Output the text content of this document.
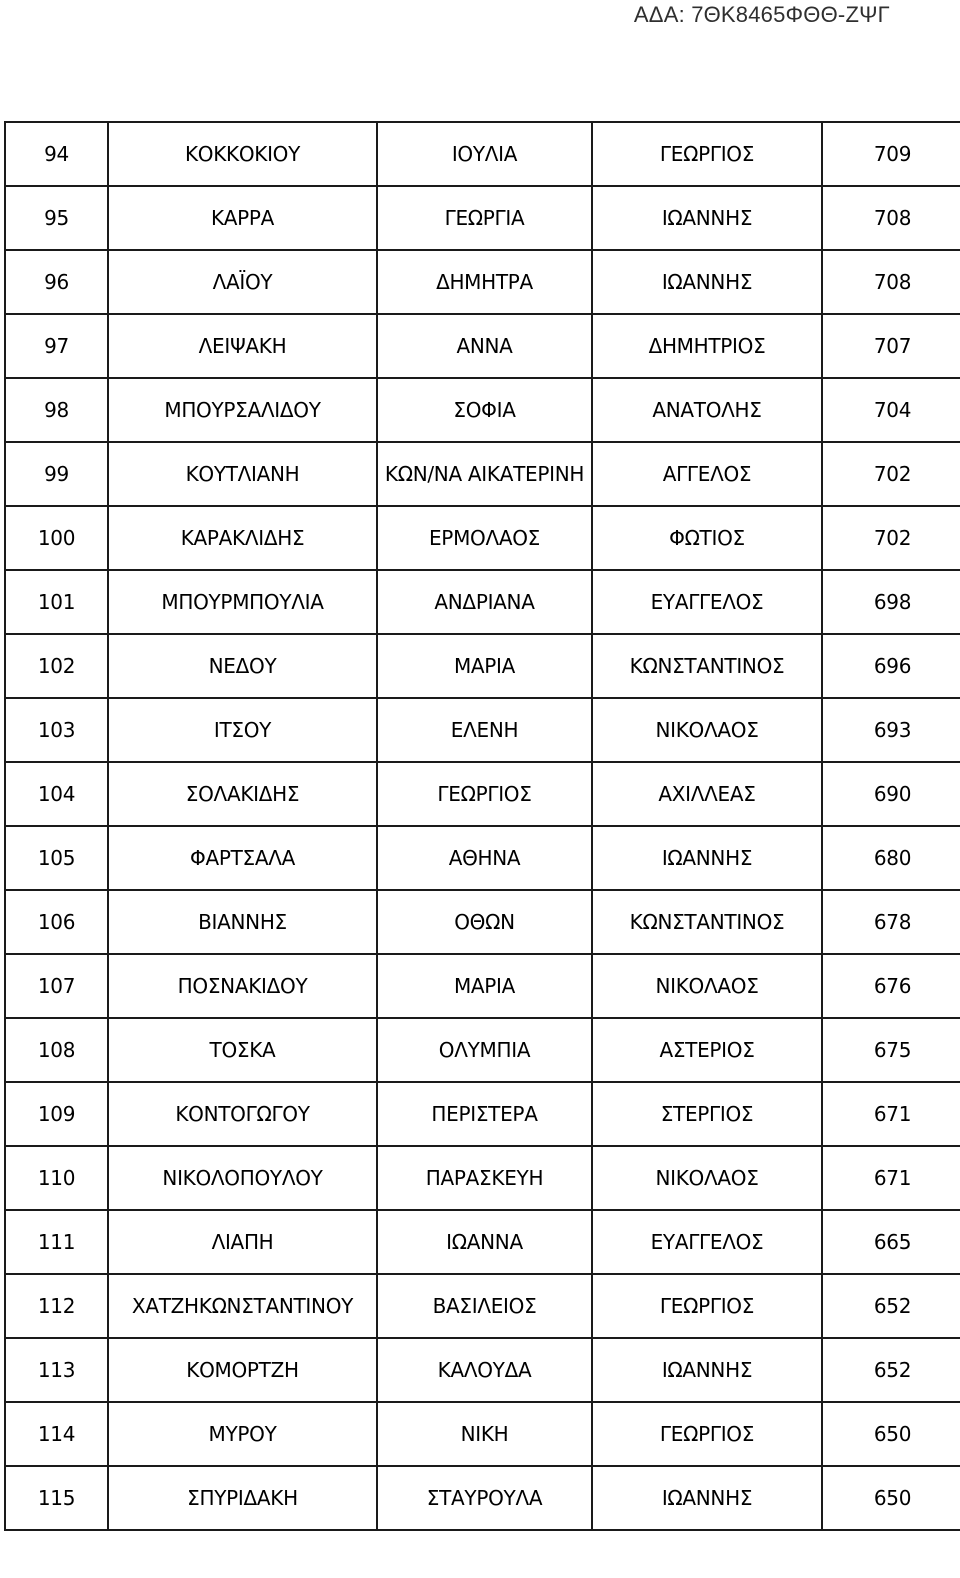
ΑΔΑ: 7ΘΚ8465ΦΘΘ-ΖΨΓ
94	ΚΟΚΚΟΚΙΟΥ	ΙΟΥΛΙΑ	ΓΕΩΡΓΙΟΣ	709
95	ΚΑΡΡΑ	ΓΕΩΡΓΙΑ	ΙΩΑΝΝΗΣ	708
96	ΛΑΪΟΥ	ΔΗΜΗΤΡΑ	ΙΩΑΝΝΗΣ	708
97	ΛΕΙΨΑΚΗ	ΑΝΝΑ	ΔΗΜΗΤΡΙΟΣ	707
98	ΜΠΟΥΡΣΑΛΙΔΟΥ	ΣΟΦΙΑ	ΑΝΑΤΟΛΗΣ	704
99	ΚΟΥΤΛΙΑΝΗ	ΚΩΝ/ΝΑ ΑΙΚΑΤΕΡΙΝΗ	ΑΓΓΕΛΟΣ	702
100	ΚΑΡΑΚΛΙΔΗΣ	ΕΡΜΟΛΑΟΣ	ΦΩΤΙΟΣ	702
101	ΜΠΟΥΡΜΠΟΥΛΙΑ	ΑΝΔΡΙΑΝΑ	ΕΥΑΓΓΕΛΟΣ	698
102	ΝΕΔΟΥ	ΜΑΡΙΑ	ΚΩΝΣΤΑΝΤΙΝΟΣ	696
103	ΙΤΣΟΥ	ΕΛΕΝΗ	ΝΙΚΟΛΑΟΣ	693
104	ΣΟΛΑΚΙΔΗΣ	ΓΕΩΡΓΙΟΣ	ΑΧΙΛΛΕΑΣ	690
105	ΦΑΡΤΣΑΛΑ	ΑΘΗΝΑ	ΙΩΑΝΝΗΣ	680
106	ΒΙΑΝΝΗΣ	ΟΘΩΝ	ΚΩΝΣΤΑΝΤΙΝΟΣ	678
107	ΠΟΣΝΑΚΙΔΟΥ	ΜΑΡΙΑ	ΝΙΚΟΛΑΟΣ	676
108	ΤΟΣΚΑ	ΟΛΥΜΠΙΑ	ΑΣΤΕΡΙΟΣ	675
109	ΚΟΝΤΟΓΩΓΟΥ	ΠΕΡΙΣΤΕΡΑ	ΣΤΕΡΓΙΟΣ	671
110	ΝΙΚΟΛΟΠΟΥΛΟΥ	ΠΑΡΑΣΚΕΥΗ	ΝΙΚΟΛΑΟΣ	671
111	ΛΙΑΠΗ	ΙΩΑΝΝΑ	ΕΥΑΓΓΕΛΟΣ	665
112	ΧΑΤΖΗΚΩΝΣΤΑΝΤΙΝΟΥ	ΒΑΣΙΛΕΙΟΣ	ΓΕΩΡΓΙΟΣ	652
113	ΚΟΜΟΡΤΖΗ	ΚΑΛΟΥΔΑ	ΙΩΑΝΝΗΣ	652
114	ΜΥΡΟΥ	ΝΙΚΗ	ΓΕΩΡΓΙΟΣ	650
115	ΣΠΥΡΙΔΑΚΗ	ΣΤΑΥΡΟΥΛΑ	ΙΩΑΝΝΗΣ	650
